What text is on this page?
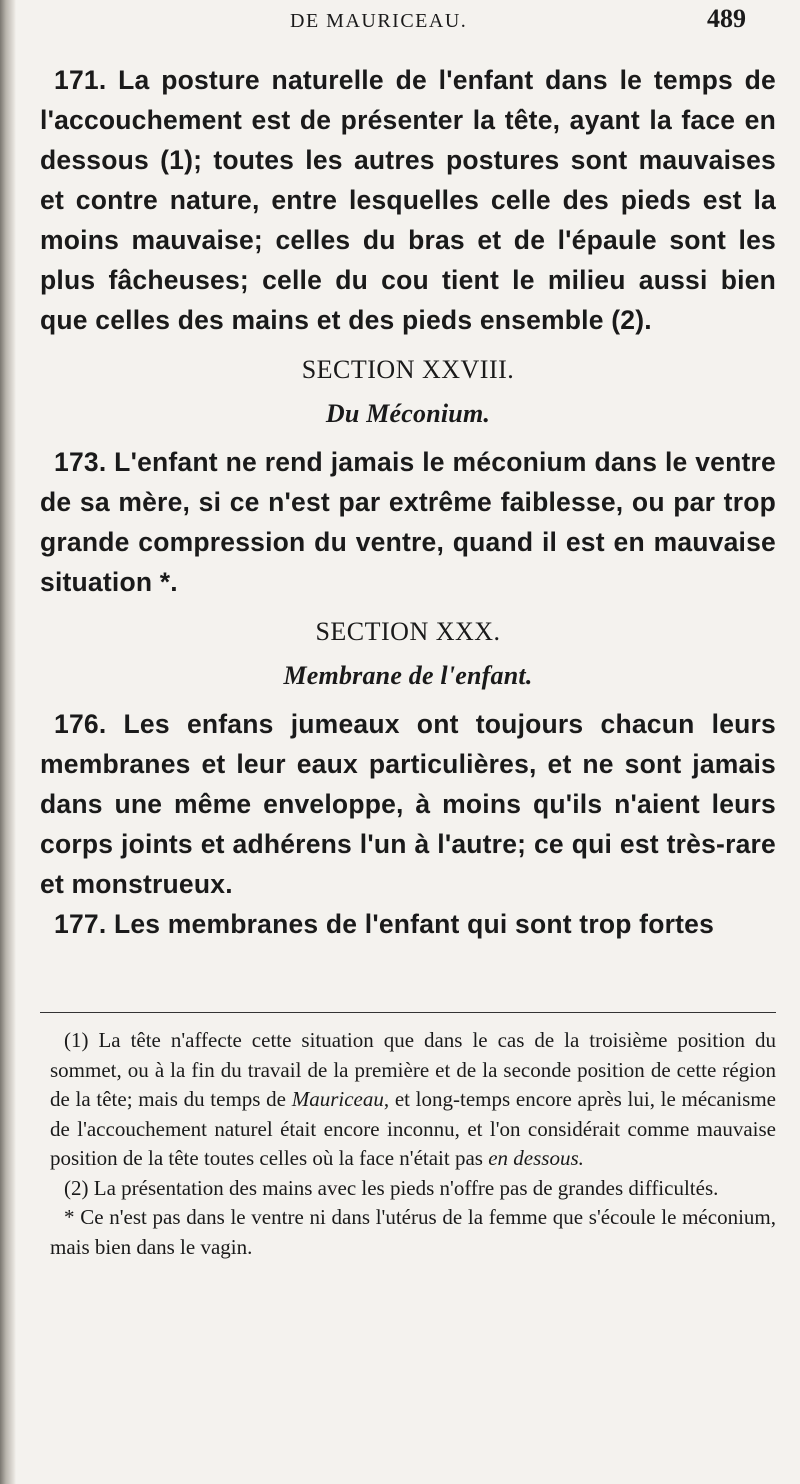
DE MAURICEAU.	489

171. La posture naturelle de l'enfant dans le temps de l'accouchement est de présenter la tête, ayant la face en dessous (1); toutes les autres postures sont mauvaises et contre nature, entre lesquelles celle des pieds est la moins mauvaise; celles du bras et de l'épaule sont les plus fâcheuses; celle du cou tient le milieu aussi bien que celles des mains et des pieds ensemble (2).

SECTION XXVIII.
Du Méconium.

173. L'enfant ne rend jamais le méconium dans le ventre de sa mère, si ce n'est par extrême faiblesse, ou par trop grande compression du ventre, quand il est en mauvaise situation *.

SECTION XXX.
Membrane de l'enfant.

176. Les enfans jumeaux ont toujours chacun leurs membranes et leur eaux particulières, et ne sont jamais dans une même enveloppe, à moins qu'ils n'aient leurs corps joints et adhérens l'un à l'autre; ce qui est très-rare et monstrueux.

177. Les membranes de l'enfant qui sont trop fortes

(1) La tête n'affecte cette situation que dans le cas de la troisième position du sommet, ou à la fin du travail de la première et de la seconde position de cette région de la tête; mais du temps de Mauriceau, et long-temps encore après lui, le mécanisme de l'accouchement naturel était encore inconnu, et l'on considérait comme mauvaise position de la tête toutes celles où la face n'était pas en dessous.

(2) La présentation des mains avec les pieds n'offre pas de grandes difficultés.

* Ce n'est pas dans le ventre ni dans l'utérus de la femme que s'écoule le méconium, mais bien dans le vagin.
